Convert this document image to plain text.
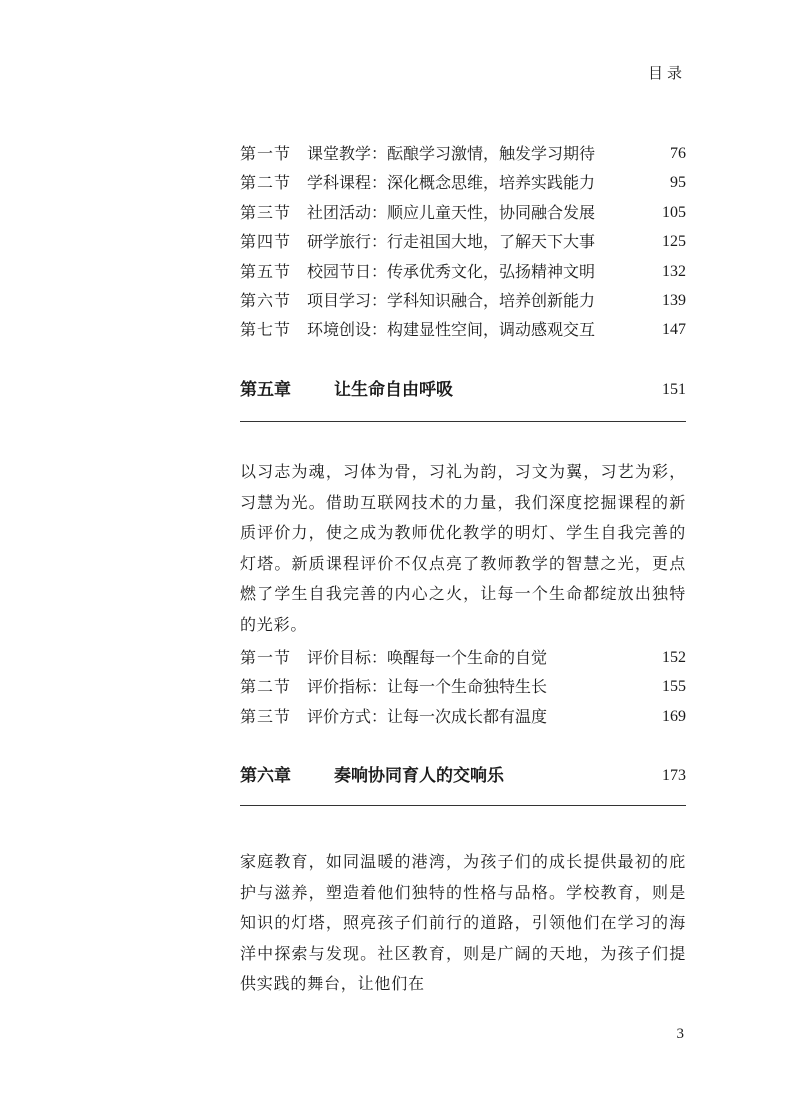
目录
第一节 课堂教学：酝酿学习激情，触发学习期待	76
第二节 学科课程：深化概念思维，培养实践能力	95
第三节 社团活动：顺应儿童天性，协同融合发展	105
第四节 研学旅行：行走祖国大地，了解天下大事	125
第五节 校园节日：传承优秀文化，弘扬精神文明	132
第六节 项目学习：学科知识融合，培养创新能力	139
第七节 环境创设：构建显性空间，调动感观交互	147
第五章	让生命自由呼吸	151

以习志为魂，习体为骨，习礼为韵，习文为翼，习艺为彩，习慧为光。借助互联网技术的力量，我们深度挖掘课程的新质评价力，使之成为教师优化教学的明灯、学生自我完善的灯塔。新质课程评价不仅点亮了教师教学的智慧之光，更点燃了学生自我完善的内心之火，让每一个生命都绽放出独特的光彩。

第一节 评价目标：唤醒每一个生命的自觉	152
第二节 评价指标：让每一个生命独特生长	155
第三节 评价方式：让每一次成长都有温度	169
第六章	奏响协同育人的交响乐	173

家庭教育，如同温暖的港湾，为孩子们的成长提供最初的庇护与滋养，塑造着他们独特的性格与品格。学校教育，则是知识的灯塔，照亮孩子们前行的道路，引领他们在学习的海洋中探索与发现。社区教育，则是广阔的天地，为孩子们提供实践的舞台，让他们在

3
